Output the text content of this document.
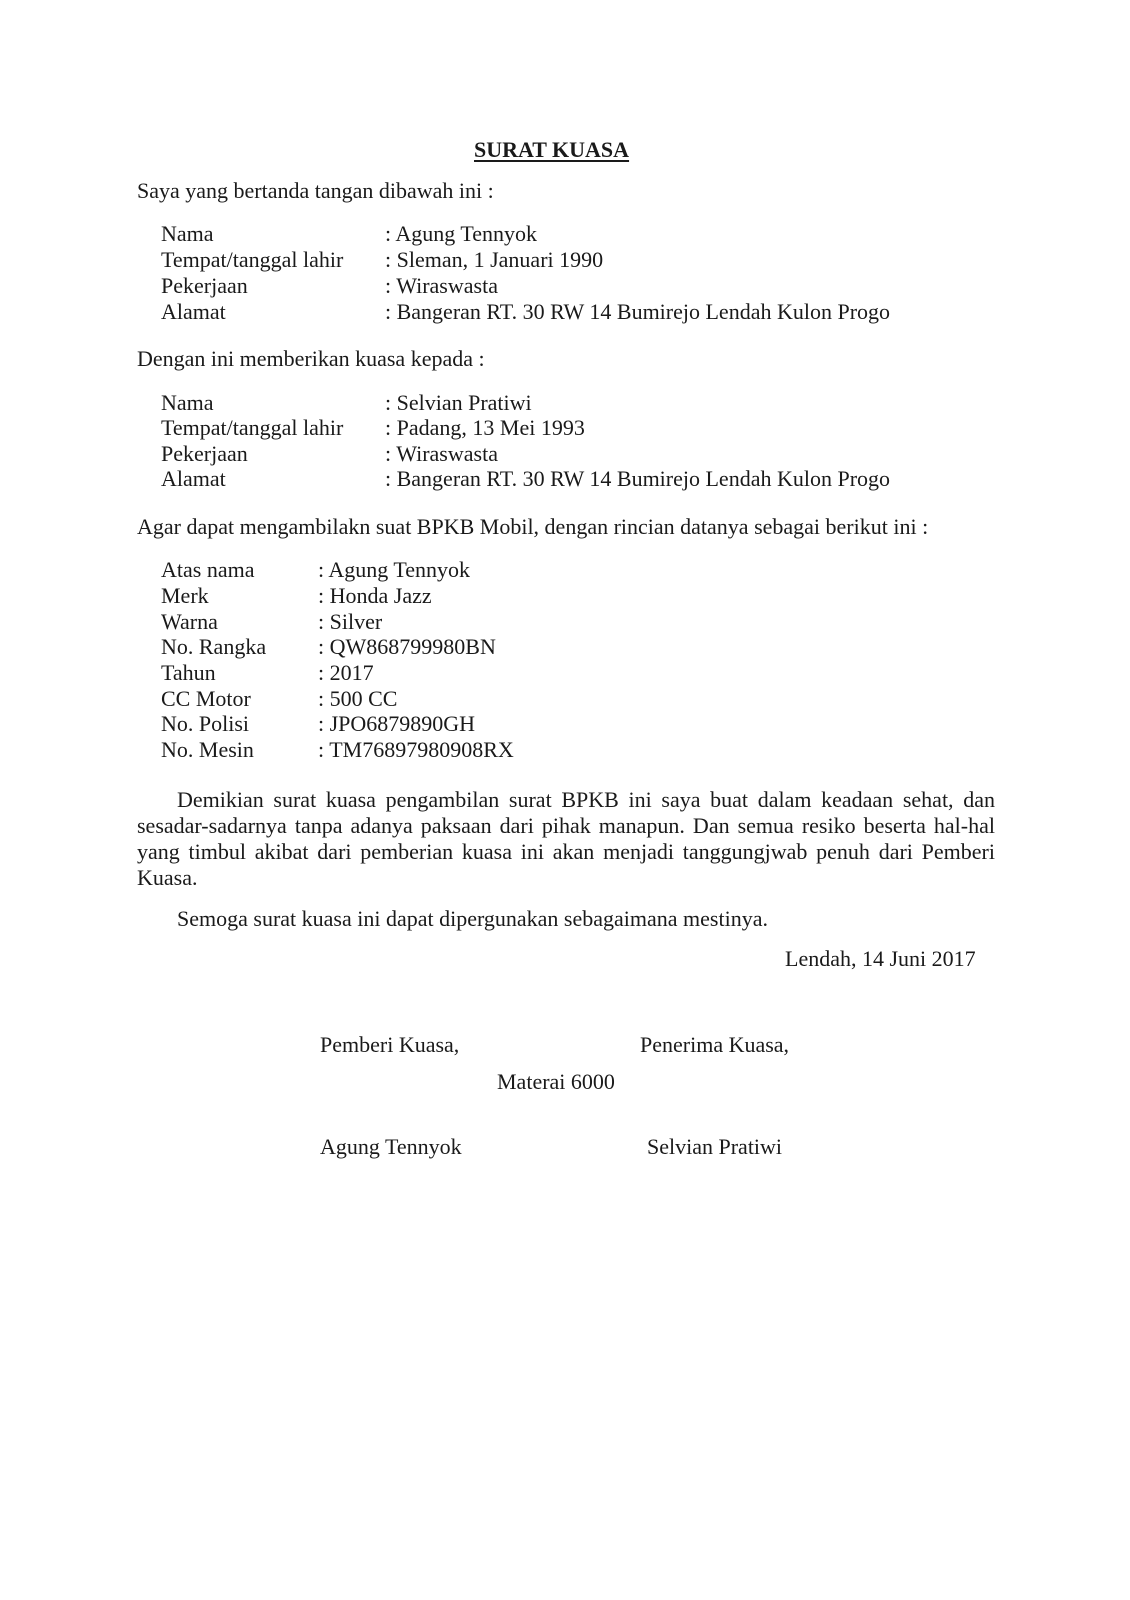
SURAT KUASA
Saya yang bertanda tangan dibawah ini :
Nama	: Agung Tennyok
Tempat/tanggal lahir : Sleman, 1 Januari 1990
Pekerjaan	: Wiraswasta
Alamat	: Bangeran RT. 30 RW 14 Bumirejo Lendah Kulon Progo
Dengan ini memberikan kuasa kepada :
Nama	: Selvian Pratiwi
Tempat/tanggal lahir : Padang, 13 Mei 1993
Pekerjaan	: Wiraswasta
Alamat	: Bangeran RT. 30 RW 14 Bumirejo Lendah Kulon Progo
Agar dapat mengambilakn suat BPKB Mobil, dengan rincian datanya sebagai berikut ini :
Atas nama	: Agung Tennyok
Merk	: Honda Jazz
Warna	: Silver
No. Rangka : QW868799980BN
Tahun	: 2017
CC Motor	: 500 CC
No. Polisi	: JPO6879890GH
No. Mesin	: TM76897980908RX
Demikian surat kuasa pengambilan surat BPKB ini saya buat dalam keadaan sehat, dan sesadar-sadarnya tanpa adanya paksaan dari pihak manapun. Dan semua resiko beserta hal-hal yang timbul akibat dari pemberian kuasa ini akan menjadi tanggungjwab penuh dari Pemberi Kuasa.
Semoga surat kuasa ini dapat dipergunakan sebagaimana mestinya.
Lendah, 14 Juni 2017
Pemberi Kuasa,	Penerima Kuasa,
Materai 6000
Agung Tennyok	Selvian Pratiwi
